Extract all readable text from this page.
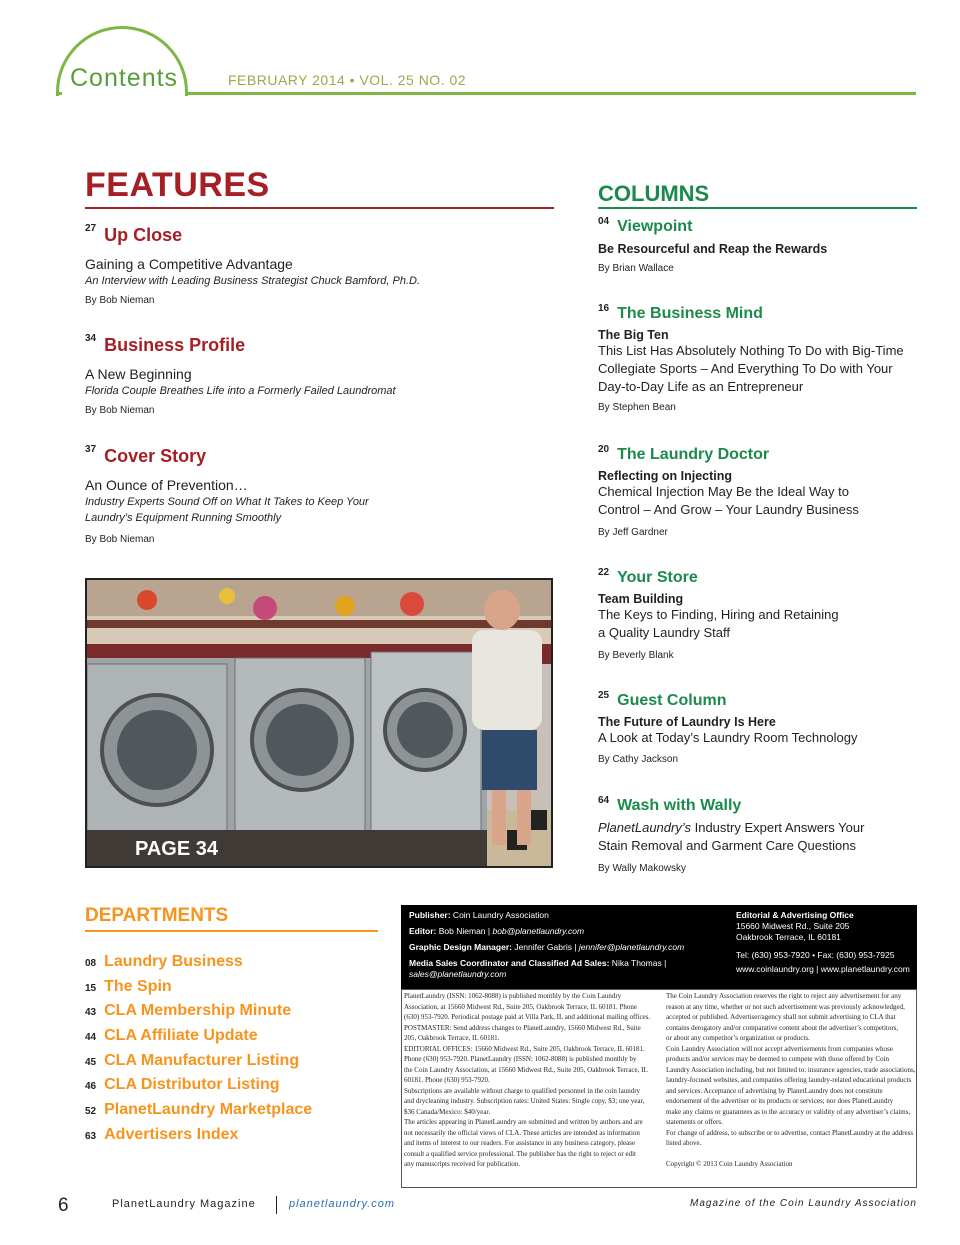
Contents	FEBRUARY 2014 • VOL. 25 NO. 02
FEATURES
$^{27}$ Up Close
Gaining a Competitive Advantage
An Interview with Leading Business Strategist Chuck Bamford, Ph.D.
By Bob Nieman
$^{34}$ Business Profile
A New Beginning
Florida Couple Breathes Life into a Formerly Failed Laundromat
By Bob Nieman
$^{37}$ Cover Story
An Ounce of Prevention…
Industry Experts Sound Off on What It Takes to Keep Your
Laundry’s Equipment Running Smoothly
By Bob Nieman
PAGE 34
COLUMNS
$^{04}$ Viewpoint
Be Resourceful and Reap the Rewards
By Brian Wallace
$^{16}$ The Business Mind
The Big Ten
This List Has Absolutely Nothing To Do with Big-Time
Collegiate Sports – And Everything To Do with Your
Day-to-Day Life as an Entrepreneur
By Stephen Bean
$^{20}$ The Laundry Doctor
Reflecting on Injecting
Chemical Injection May Be the Ideal Way to
Control – And Grow – Your Laundry Business
By Jeff Gardner
$^{22}$ Your Store
Team Building
The Keys to Finding, Hiring and Retaining
a Quality Laundry Staff
By Beverly Blank
$^{25}$ Guest Column
The Future of Laundry Is Here
A Look at Today’s Laundry Room Technology
By Cathy Jackson
$^{64}$ Wash with Wally
PlanetLaundry’s Industry Expert Answers Your
Stain Removal and Garment Care Questions
By Wally Makowsky
DEPARTMENTS
08 Laundry Business
15 The Spin
43 CLA Membership Minute
44 CLA Affiliate Update
45 CLA Manufacturer Listing
46 CLA Distributor Listing
52 PlanetLaundry Marketplace
63 Advertisers Index
Publisher: Coin Laundry Association
Editor: Bob Nieman | bob@planetlaundry.com
Graphic Design Manager: Jennifer Gabris | jennifer@planetlaundry.com
Media Sales Coordinator and Classified Ad Sales: Nika Thomas |
sales@planetlaundry.com
Editorial & Advertising Office
15660 Midwest Rd., Suite 205
Oakbrook Terrace, IL 60181
Tel: (630) 953-7920 • Fax: (630) 953-7925
www.coinlaundry.org | www.planetlaundry.com
PlanetLaundry (ISSN: 1062-8088) is published monthly by the Coin Laundry
Association, at 15660 Midwest Rd., Suite 205, Oakbrook Terrace, IL 60181. Phone
(630) 953-7920. Periodical postage paid at Villa Park, IL and additional mailing offices.
POSTMASTER: Send address changes to PlanetLaundry, 15660 Midwest Rd., Suite
205, Oakbrook Terrace, IL 60181.
EDITORIAL OFFICES: 15660 Midwest Rd., Suite 205, Oakbrook Terrace, IL 60181.
Phone (630) 953-7920. PlanetLaundry (ISSN: 1062-8088) is published monthly by
the Coin Laundry Association, at 15660 Midwest Rd., Suite 205, Oakbrook Terrace, IL
60181. Phone (630) 953-7920.
Subscriptions are available without charge to qualified personnel in the coin laundry
and drycleaning industry. Subscription rates: United States: Single copy, $3; one year,
$36 Canada/Mexico: $40/year.
The articles appearing in PlanetLaundry are submitted and written by authors and are
not necessarily the official views of CLA. These articles are intended as information
and items of interest to our readers. For assistance in any business category, please
consult a qualified service professional. The publisher has the right to reject or edit
any manuscripts received for publication.
The Coin Laundry Association reserves the right to reject any advertisement for any
reason at any time, whether or not such advertisement was previously acknowledged,
accepted or published. Advertiser/agency shall not submit advertising to CLA that
contains derogatory and/or comparative content about the advertiser’s competitors,
or about any competitor’s organization or products.
Coin Laundry Association will not accept advertisements from companies whose
products and/or services may be deemed to compete with those offered by Coin
Laundry Association including, but not limited to: insurance agencies, trade associations,
laundry-focused websites, and companies offering laundry-related educational products
and services. Acceptance of advertising by PlanetLaundry does not constitute
endorsement of the advertiser or its products or services; nor does PlanetLaundry
make any claims or guarantees as to the accuracy or validity of any advertiser’s claims,
statements or offers.
For change of address, to subscribe or to advertise, contact PlanetLaundry at the address
listed above.
Copyright © 2013 Coin Laundry Association
6	PlanetLaundry Magazine	planetlaundry.com	Magazine of the Coin Laundry Association
